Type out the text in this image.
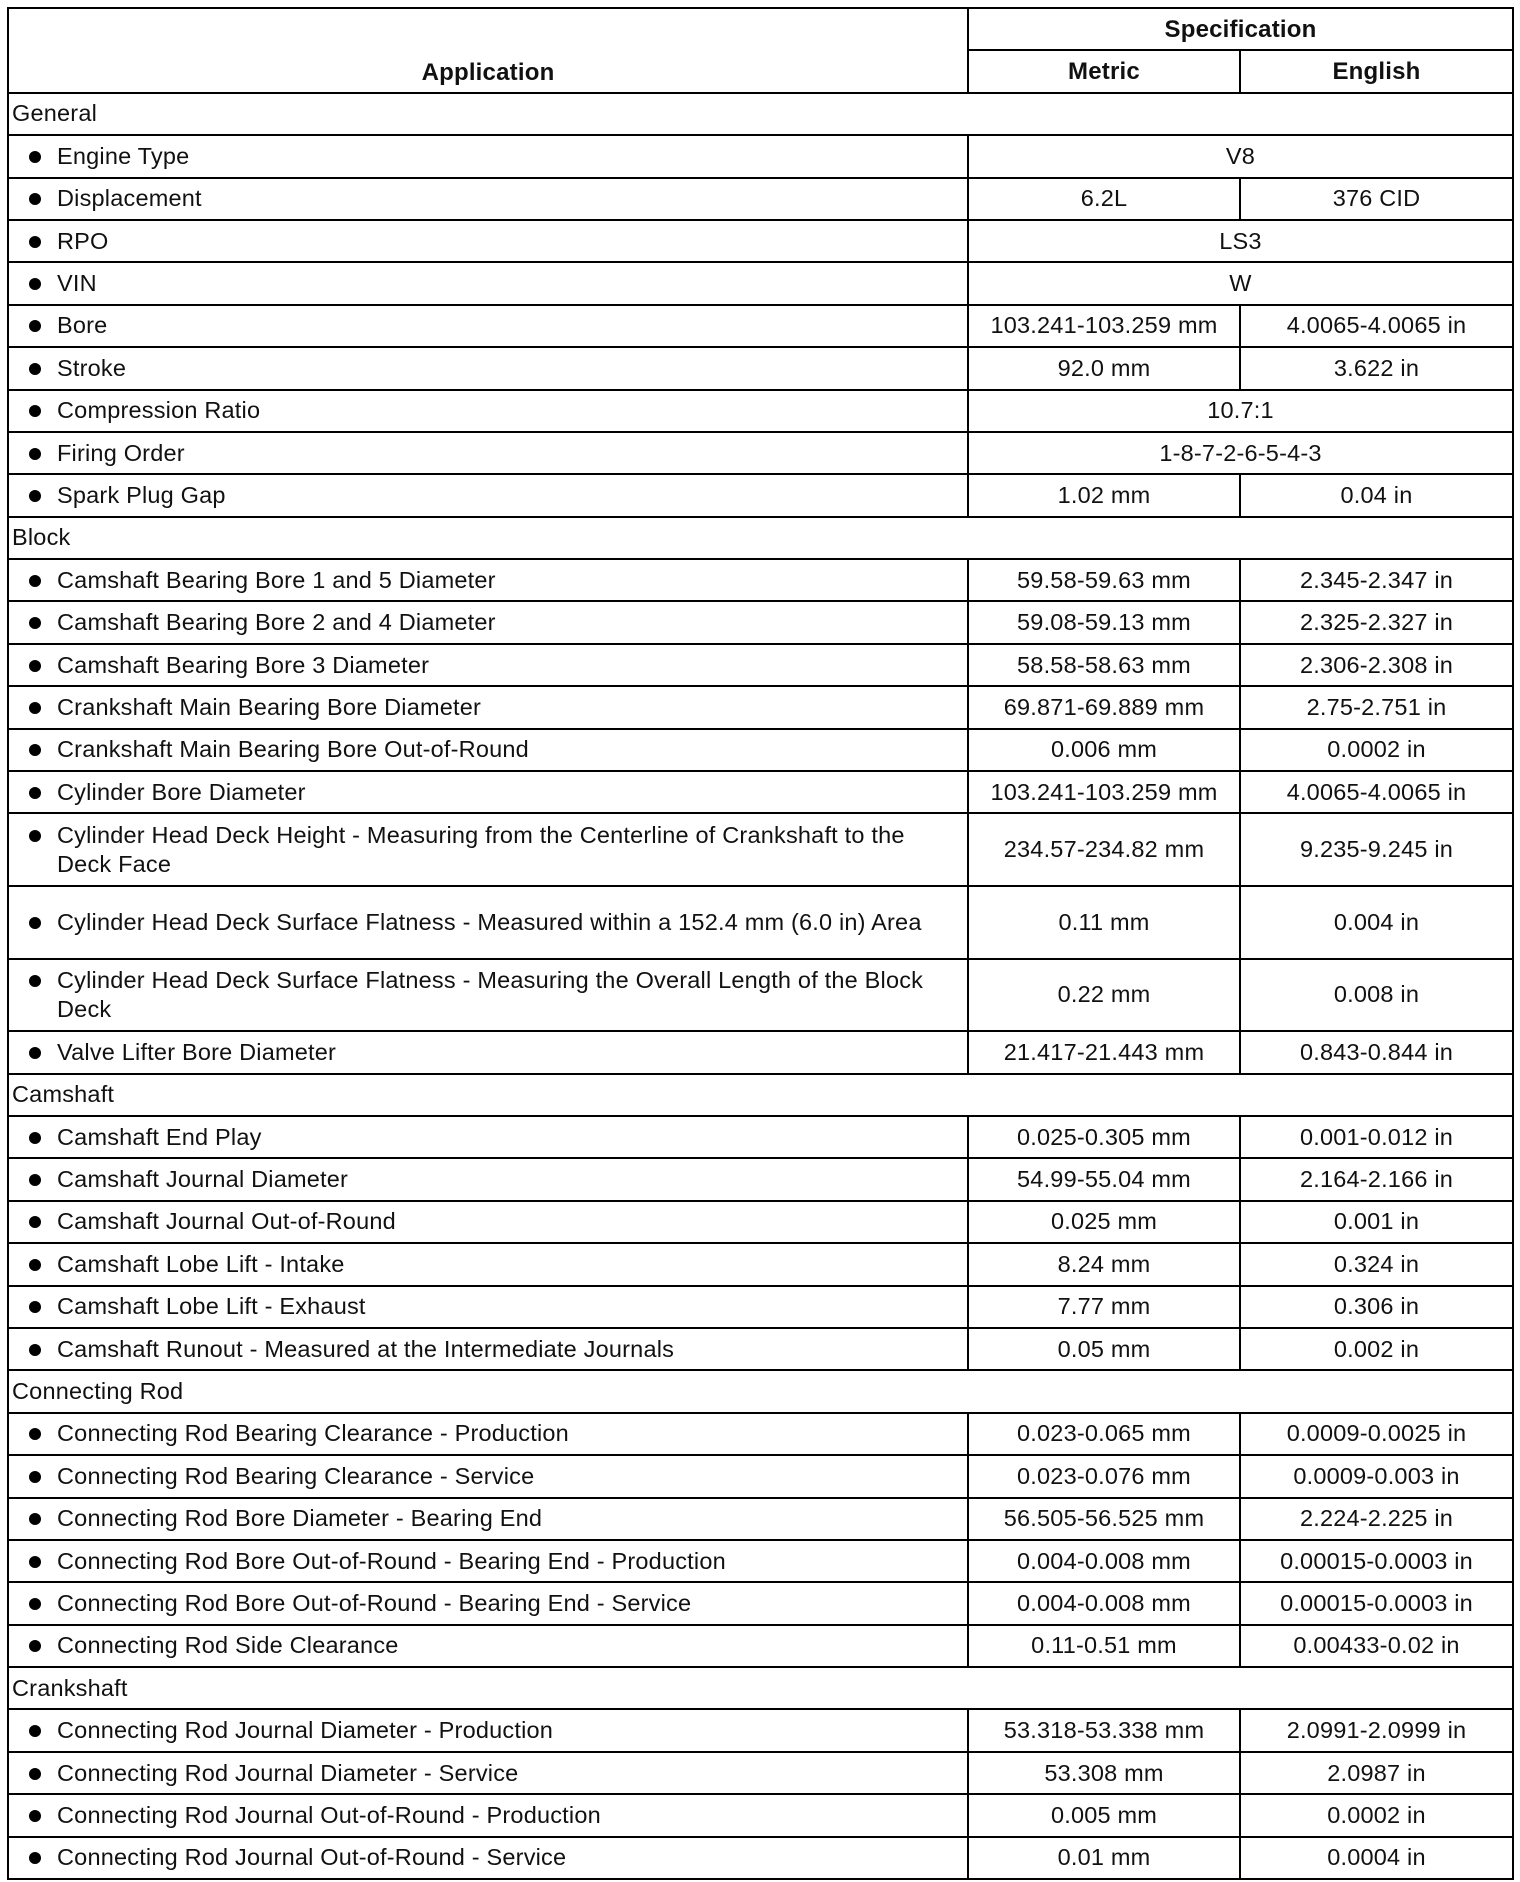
Application	Specification	
	Metric	English
General		

Engine Type	V8	

Displacement	6.2L	376 CID

RPO	LS3	

VIN	W	

Bore	103.241-103.259 mm	4.0065-4.0065 in

Stroke	92.0 mm	3.622 in

Compression Ratio	10.7:1	

Firing Order	1-8-7-2-6-5-4-3	

Spark Plug Gap	1.02 mm	0.04 in
Block		

Camshaft Bearing Bore 1 and 5 Diameter	59.58-59.63 mm	2.345-2.347 in

Camshaft Bearing Bore 2 and 4 Diameter	59.08-59.13 mm	2.325-2.327 in

Camshaft Bearing Bore 3 Diameter	58.58-58.63 mm	2.306-2.308 in

Crankshaft Main Bearing Bore Diameter	69.871-69.889 mm	2.75-2.751 in

Crankshaft Main Bearing Bore Out-of-Round	0.006 mm	0.0002 in

Cylinder Bore Diameter	103.241-103.259 mm	4.0065-4.0065 in

Cylinder Head Deck Height - Measuring from the Centerline of Crankshaft to the Deck Face	234.57-234.82 mm	9.235-9.245 in

Cylinder Head Deck Surface Flatness - Measured within a 152.4 mm (6.0 in) Area	0.11 mm	0.004 in

Cylinder Head Deck Surface Flatness - Measuring the Overall Length of the Block Deck	0.22 mm	0.008 in

Valve Lifter Bore Diameter	21.417-21.443 mm	0.843-0.844 in
Camshaft		

Camshaft End Play	0.025-0.305 mm	0.001-0.012 in

Camshaft Journal Diameter	54.99-55.04 mm	2.164-2.166 in

Camshaft Journal Out-of-Round	0.025 mm	0.001 in

Camshaft Lobe Lift - Intake	8.24 mm	0.324 in

Camshaft Lobe Lift - Exhaust	7.77 mm	0.306 in

Camshaft Runout - Measured at the Intermediate Journals	0.05 mm	0.002 in
Connecting Rod		

Connecting Rod Bearing Clearance - Production	0.023-0.065 mm	0.0009-0.0025 in

Connecting Rod Bearing Clearance - Service	0.023-0.076 mm	0.0009-0.003 in

Connecting Rod Bore Diameter - Bearing End	56.505-56.525 mm	2.224-2.225 in

Connecting Rod Bore Out-of-Round - Bearing End - Production	0.004-0.008 mm	0.00015-0.0003 in

Connecting Rod Bore Out-of-Round - Bearing End - Service	0.004-0.008 mm	0.00015-0.0003 in

Connecting Rod Side Clearance	0.11-0.51 mm	0.00433-0.02 in
Crankshaft		

Connecting Rod Journal Diameter - Production	53.318-53.338 mm	2.0991-2.0999 in

Connecting Rod Journal Diameter - Service	53.308 mm	2.0987 in

Connecting Rod Journal Out-of-Round - Production	0.005 mm	0.0002 in

Connecting Rod Journal Out-of-Round - Service	0.01 mm	0.0004 in
